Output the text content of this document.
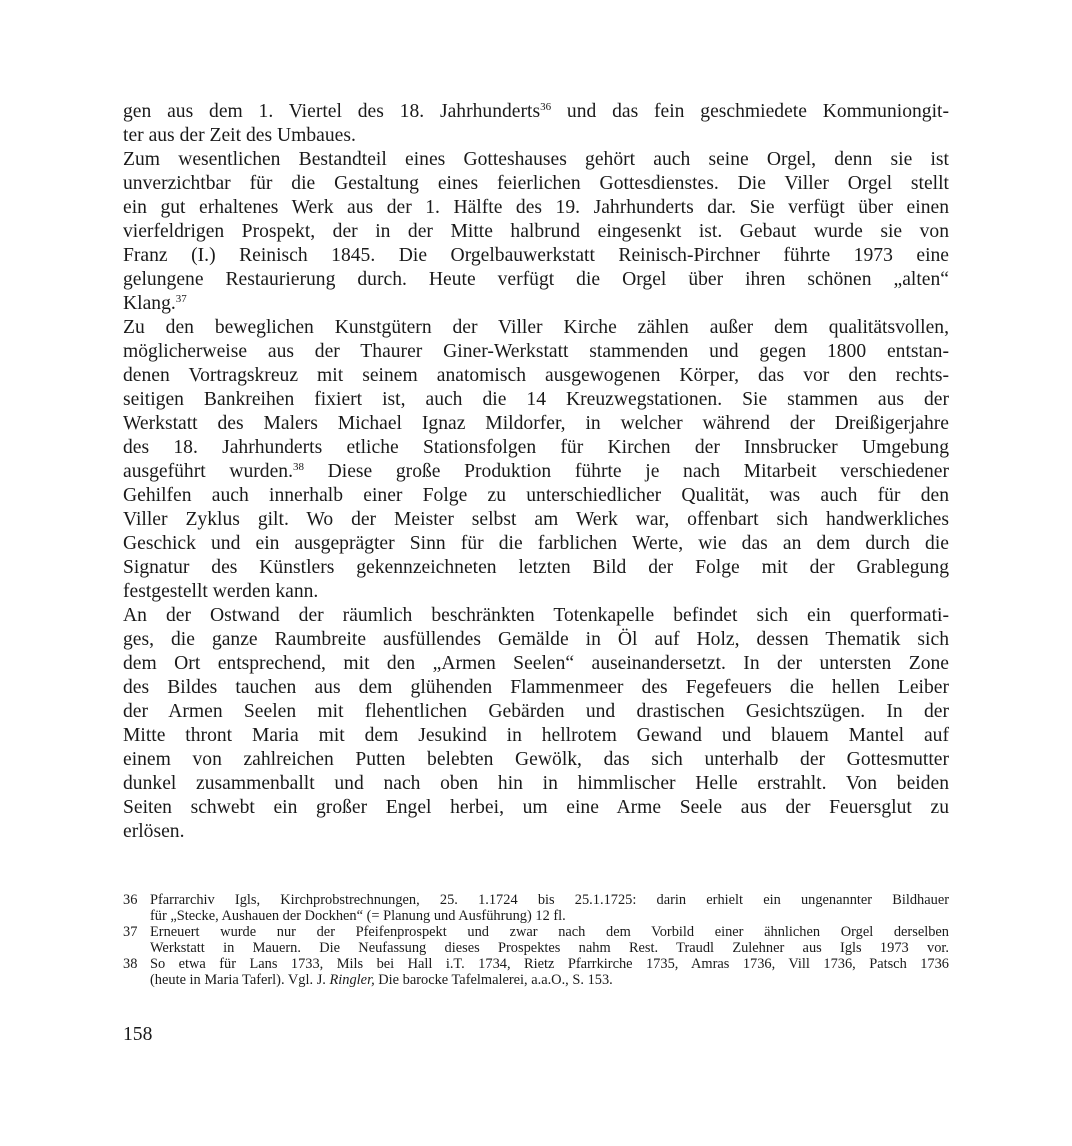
gen aus dem 1. Viertel des 18. Jahrhunderts$^{36}$ und das fein geschmiedete Kommuniongit-
ter aus der Zeit des Umbaues.
Zum wesentlichen Bestandteil eines Gotteshauses gehört auch seine Orgel, denn sie ist
unverzichtbar für die Gestaltung eines feierlichen Gottesdienstes. Die Viller Orgel stellt
ein gut erhaltenes Werk aus der 1. Hälfte des 19. Jahrhunderts dar. Sie verfügt über einen
vierfeldrigen Prospekt, der in der Mitte halbrund eingesenkt ist. Gebaut wurde sie von
Franz (I.) Reinisch 1845. Die Orgelbauwerkstatt Reinisch-Pirchner führte 1973 eine
gelungene Restaurierung durch. Heute verfügt die Orgel über ihren schönen „alten“
Klang.$^{37}$
Zu den beweglichen Kunstgütern der Viller Kirche zählen außer dem qualitätsvollen,
möglicherweise aus der Thaurer Giner-Werkstatt stammenden und gegen 1800 entstan-
denen Vortragskreuz mit seinem anatomisch ausgewogenen Körper, das vor den rechts-
seitigen Bankreihen fixiert ist, auch die 14 Kreuzwegstationen. Sie stammen aus der
Werkstatt des Malers Michael Ignaz Mildorfer, in welcher während der Dreißigerjahre
des 18. Jahrhunderts etliche Stationsfolgen für Kirchen der Innsbrucker Umgebung
ausgeführt wurden.$^{38}$ Diese große Produktion führte je nach Mitarbeit verschiedener
Gehilfen auch innerhalb einer Folge zu unterschiedlicher Qualität, was auch für den
Viller Zyklus gilt. Wo der Meister selbst am Werk war, offenbart sich handwerkliches
Geschick und ein ausgeprägter Sinn für die farblichen Werte, wie das an dem durch die
Signatur des Künstlers gekennzeichneten letzten Bild der Folge mit der Grablegung
festgestellt werden kann.
An der Ostwand der räumlich beschränkten Totenkapelle befindet sich ein querformati-
ges, die ganze Raumbreite ausfüllendes Gemälde in Öl auf Holz, dessen Thematik sich
dem Ort entsprechend, mit den „Armen Seelen“ auseinandersetzt. In der untersten Zone
des Bildes tauchen aus dem glühenden Flammenmeer des Fegefeuers die hellen Leiber
der Armen Seelen mit flehentlichen Gebärden und drastischen Gesichtszügen. In der
Mitte thront Maria mit dem Jesukind in hellrotem Gewand und blauem Mantel auf
einem von zahlreichen Putten belebten Gewölk, das sich unterhalb der Gottesmutter
dunkel zusammenballt und nach oben hin in himmlischer Helle erstrahlt. Von beiden
Seiten schwebt ein großer Engel herbei, um eine Arme Seele aus der Feuersglut zu
erlösen.
36 Pfarrarchiv Igls, Kirchprobstrechnungen, 25. 1.1724 bis 25.1.1725: darin erhielt ein ungenannter Bildhauer
für „Stecke, Aushauen der Dockhen“ (= Planung und Ausführung) 12 fl.
37 Erneuert wurde nur der Pfeifenprospekt und zwar nach dem Vorbild einer ähnlichen Orgel derselben
Werkstatt in Mauern. Die Neufassung dieses Prospektes nahm Rest. Traudl Zulehner aus Igls 1973 vor.
38 So etwa für Lans 1733, Mils bei Hall i.T. 1734, Rietz Pfarrkirche 1735, Amras 1736, Vill 1736, Patsch 1736
(heute in Maria Taferl). Vgl. J. Ringler, Die barocke Tafelmalerei, a.a.O., S. 153.
158
